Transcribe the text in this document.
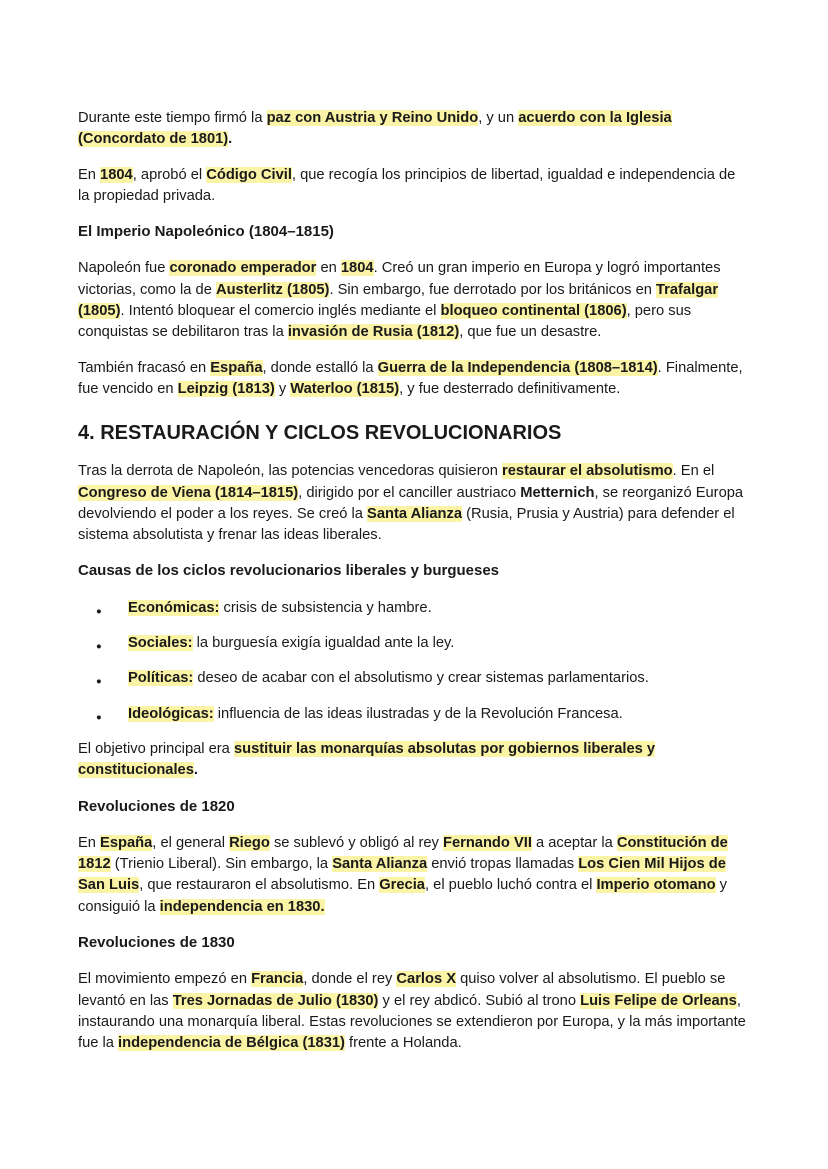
Durante este tiempo firmó la paz con Austria y Reino Unido, y un acuerdo con la Iglesia (Concordato de 1801).

En 1804, aprobó el Código Civil, que recogía los principios de libertad, igualdad e independencia de la propiedad privada.

El Imperio Napoleónico (1804–1815)

Napoleón fue coronado emperador en 1804. Creó un gran imperio en Europa y logró importantes victorias, como la de Austerlitz (1805). Sin embargo, fue derrotado por los británicos en Trafalgar (1805). Intentó bloquear el comercio inglés mediante el bloqueo continental (1806), pero sus conquistas se debilitaron tras la invasión de Rusia (1812), que fue un desastre.

También fracasó en España, donde estalló la Guerra de la Independencia (1808–1814). Finalmente, fue vencido en Leipzig (1813) y Waterloo (1815), y fue desterrado definitivamente.

4. RESTAURACIÓN Y CICLOS REVOLUCIONARIOS

Tras la derrota de Napoleón, las potencias vencedoras quisieron restaurar el absolutismo. En el Congreso de Viena (1814–1815), dirigido por el canciller austriaco Metternich, se reorganizó Europa devolviendo el poder a los reyes. Se creó la Santa Alianza (Rusia, Prusia y Austria) para defender el sistema absolutista y frenar las ideas liberales.

Causas de los ciclos revolucionarios liberales y burgueses
● Económicas: crisis de subsistencia y hambre.
● Sociales: la burguesía exigía igualdad ante la ley.
● Políticas: deseo de acabar con el absolutismo y crear sistemas parlamentarios.
● Ideológicas: influencia de las ideas ilustradas y de la Revolución Francesa.

El objetivo principal era sustituir las monarquías absolutas por gobiernos liberales y constitucionales.

Revoluciones de 1820

En España, el general Riego se sublevó y obligó al rey Fernando VII a aceptar la Constitución de 1812 (Trienio Liberal). Sin embargo, la Santa Alianza envió tropas llamadas Los Cien Mil Hijos de San Luis, que restauraron el absolutismo. En Grecia, el pueblo luchó contra el Imperio otomano y consiguió la independencia en 1830.

Revoluciones de 1830

El movimiento empezó en Francia, donde el rey Carlos X quiso volver al absolutismo. El pueblo se levantó en las Tres Jornadas de Julio (1830) y el rey abdicó. Subió al trono Luis Felipe de Orleans, instaurando una monarquía liberal. Estas revoluciones se extendieron por Europa, y la más importante fue la independencia de Bélgica (1831) frente a Holanda.
